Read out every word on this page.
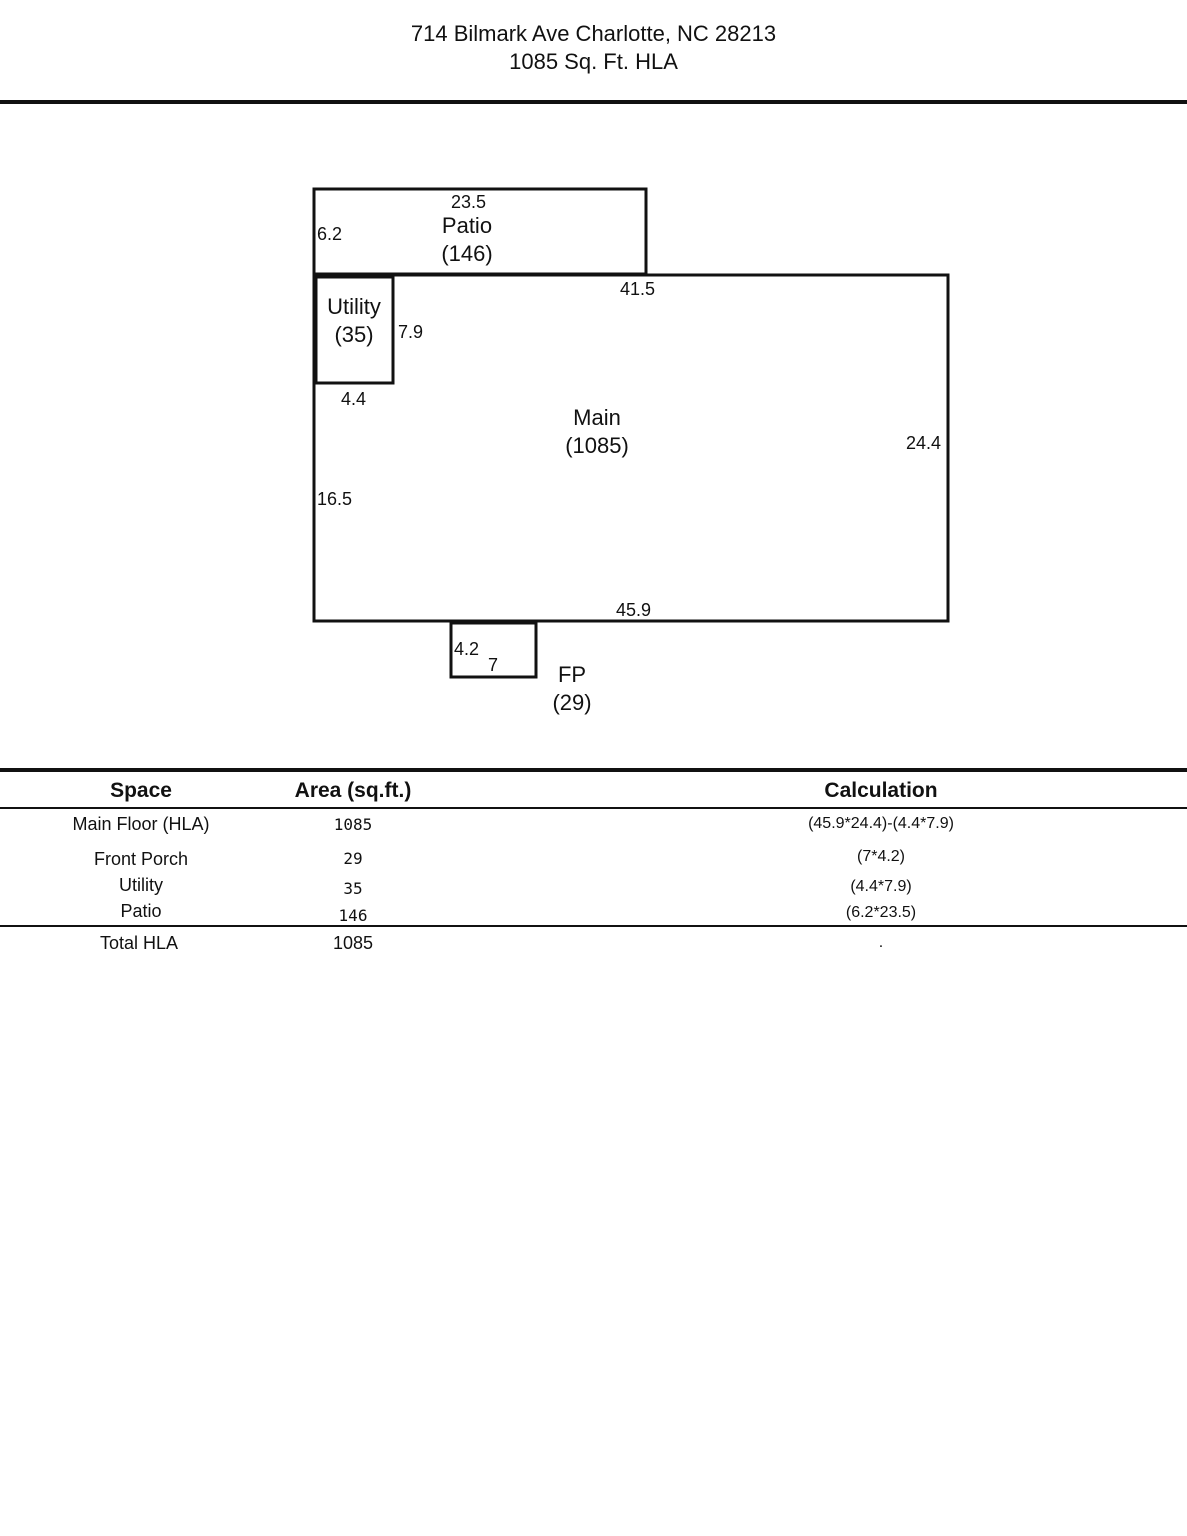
714 Bilmark Ave Charlotte, NC 28213
1085 Sq. Ft. HLA
23.5
6.2	Patio
(146)
41.5
24.4
16.5
45.9
Main
(1085)
Utility
(35)	7.9
4.4
4.2
7	FP
(29)
Space	Area (sq.ft.)	Calculation
Main Floor (HLA)	1085	(45.9*24.4)-(4.4*7.9)
Front Porch	29	(7*4.2)
Utility	35	(4.4*7.9)
Patio	146	(6.2*23.5)
Total HLA	1085	.
